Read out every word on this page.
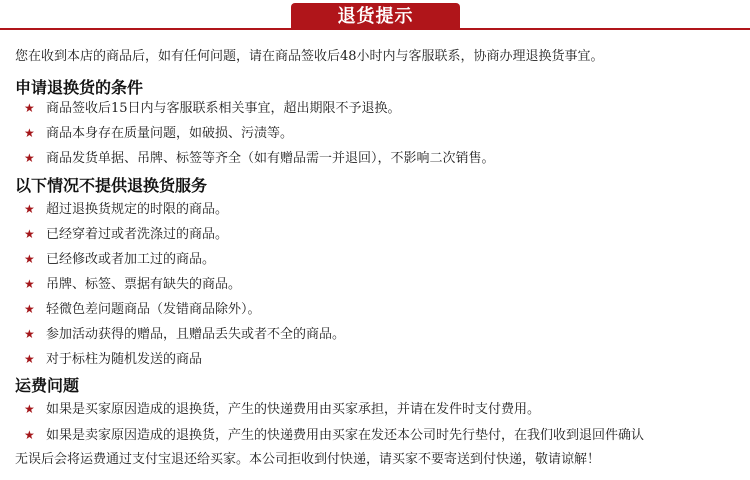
退货提示
您在收到本店的商品后，如有任何问题，请在商品签收后48小时内与客服联系，协商办理退换货事宜。
申请退换货的条件
★ 商品签收后15日内与客服联系相关事宜，超出期限不予退换。
★ 商品本身存在质量问题，如破损、污渍等。
★ 商品发货单据、吊牌、标签等齐全（如有赠品需一并退回），不影响二次销售。
以下情况不提供退换货服务
★ 超过退换货规定的时限的商品。
★ 已经穿着过或者洗涤过的商品。
★ 已经修改或者加工过的商品。
★ 吊牌、标签、票据有缺失的商品。
★ 轻微色差问题商品（发错商品除外）。
★ 参加活动获得的赠品，且赠品丢失或者不全的商品。
★ 对于标柱为随机发送的商品
运费问题
★ 如果是买家原因造成的退换货，产生的快递费用由买家承担，并请在发件时支付费用。
★ 如果是卖家原因造成的退换货，产生的快递费用由买家在发还本公司时先行垫付，在我们收到退回件确认
无误后会将运费通过支付宝退还给买家。本公司拒收到付快递，请买家不要寄送到付快递，敬请谅解！
